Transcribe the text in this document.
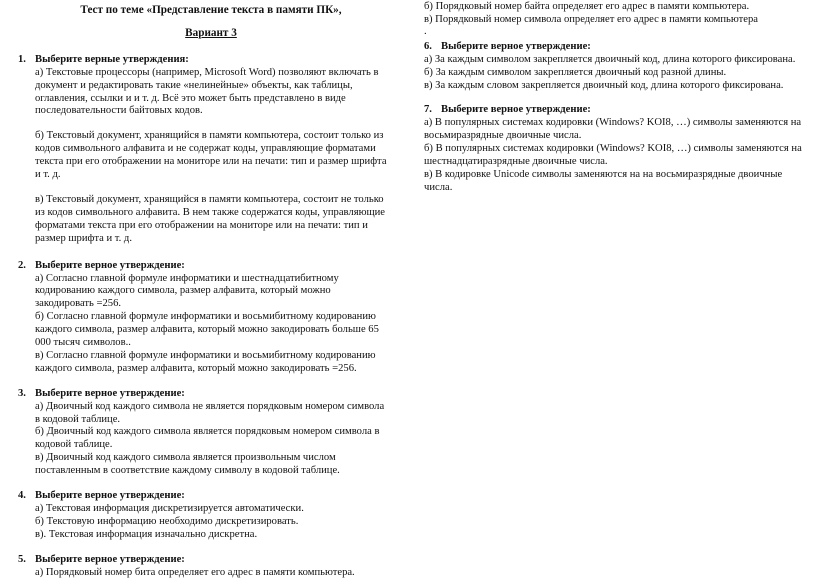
Тест по теме «Представление текста в памяти ПК»,
Вариант 3
1. Выберите верные утверждения:

а) Текстовые процессоры (например, Microsoft Word) позволяют включать в документ и редактировать такие «нелинейные» объекты, как таблицы, оглавления, ссылки и и т. д. Всё это может быть представлено в виде последовательности байтовых кодов.

б) Текстовый документ, хранящийся в памяти компьютера, состоит только из кодов символьного алфавита и не содержат коды, управляющие форматами текста при его отображении на мониторе или на печати: тип и размер шрифта и т. д.

в) Текстовый документ, хранящийся в памяти компьютера, состоит не только из кодов символьного алфавита. В нем также содержатся коды, управляющие форматами текста при его отображении на мониторе или на печати: тип и размер шрифта и т. д.

2. Выберите верное утверждение:

а) Согласно главной формуле информатики и шестнадцатибитному кодированию каждого символа, размер алфавита, который можно закодировать =256.

б) Согласно главной формуле информатики и восьмибитному кодированию каждого символа, размер алфавита, который можно закодировать больше 65 000 тысяч символов..

в) Согласно главной формуле информатики и восьмибитному кодированию каждого символа, размер алфавита, который можно закодировать =256.

3. Выберите верное утверждение:

а) Двоичный код каждого символа не является порядковым номером символа в кодовой таблице.

б) Двоичный код каждого символа является порядковым номером символа в кодовой таблице.

в) Двоичный код каждого символа является произвольным числом поставленным в соответствие каждому символу в кодовой таблице.

4. Выберите верное утверждение:

а) Текстовая информация дискретизируется автоматически.

б) Текстовую информацию необходимо дискретизировать.

в). Текстовая информация изначально дискретна.

5. Выберите верное утверждение:

а) Порядковый номер бита определяет его адрес в памяти компьютера.

б) Порядковый номер байта определяет его адрес в памяти компьютера.

в) Порядковый номер символа определяет его адрес в памяти компьютера

.

6. Выберите верное утверждение:

а) За каждым символом закрепляется двоичный код, длина которого фиксирована.

б) За каждым символом закрепляется двоичный код разной длины.

в) За каждым словом закрепляется двоичный код, длина которого фиксирована.

7. Выберите верное утверждение:

а) В популярных системах кодировки (Windows? KOI8, …) символы заменяются на восьмиразрядные двоичные числа.

б) В популярных системах кодировки (Windows? KOI8, …) символы заменяются на шестнадцатиразрядные двоичные числа.

в) В кодировке Unicode символы заменяются на на восьмиразрядные двоичные числа.
